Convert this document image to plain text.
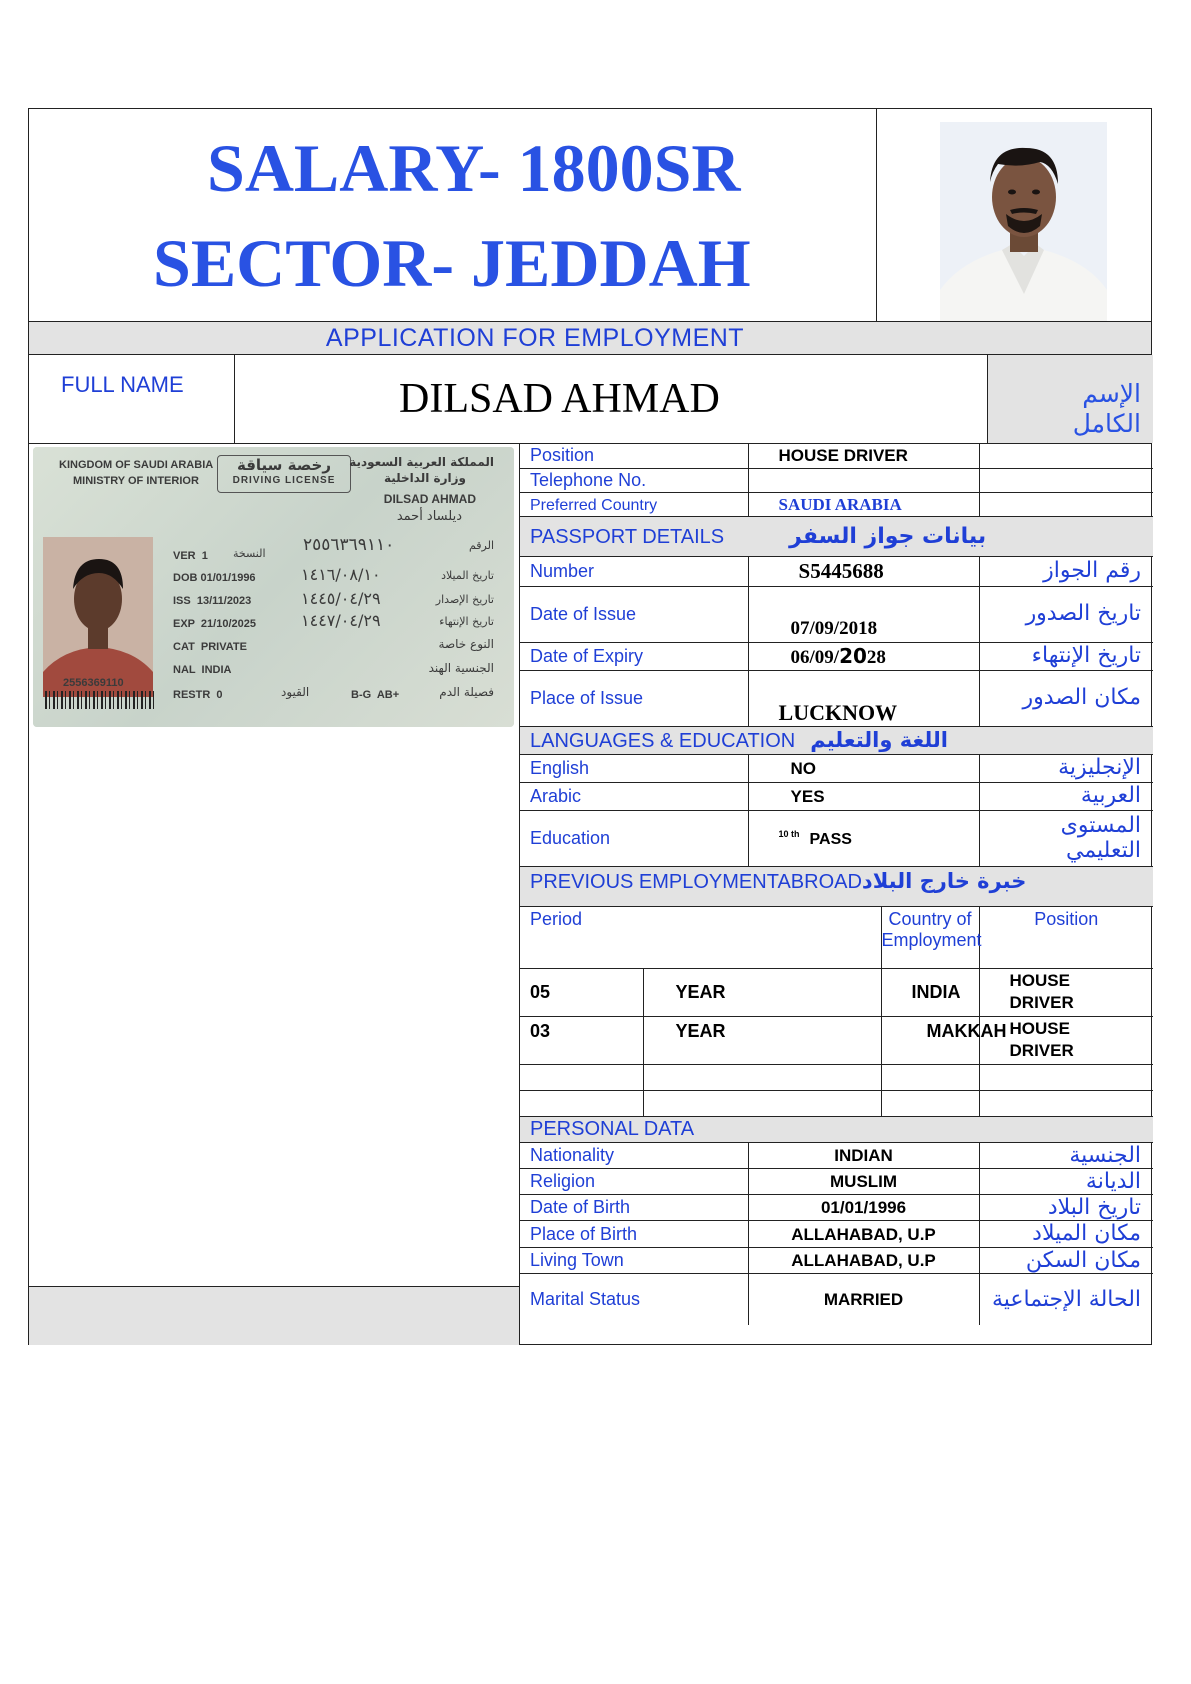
SALARY- 1800SR
SECTOR- JEDDAH
APPLICATION FOR EMPLOYMENT
FULL NAME	DILSAD AHMAD	الإسم الكامل
KINGDOM OF SAUDI ARABIA
MINISTRY OF INTERIOR
رخصة سياقة
DRIVING LICENSE
المملكة العربية السعودية
وزارة الداخلية
DILSAD AHMAD
ديلساد أحمد
٢٥٥٦٣٦٩١١٠	الرقم
VER  1 النسخة
DOB 01/01/1996	١٤١٦/٠٨/١٠	تاريخ الميلاد
ISS  13/11/2023	١٤٤٥/٠٤/٢٩	تاريخ الإصدار
EXP  21/10/2025	١٤٤٧/٠٤/٢٩	تاريخ الإنتهاء
CAT  PRIVATE	النوع خاصة
NAL  INDIA	الجنسية الهند
2556369110
RESTR  0	القيود	B-G  AB+	فصيلة الدم
Position		HOUSE DRIVER		
Telephone No.				
Preferred Country		SAUDI ARABIA		
PASSPORT DETAILS بيانات جواز السفر				
Number		S5445688		رقم الجواز
Date of Issue		07/09/2018		تاريخ الصدور
Date of Expiry		06/09/2028		تاريخ الإنتهاء
Place of Issue		LUCKNOW		مكان الصدور
LANGUAGES & EDUCATION اللغة والتعليم				
English		NO		الإنجليزية
Arabic		YES		العربية
Education		$^{10 th}$ PASS		المستوى التعليمي
PREVIOUS EMPLOYMENTABROADخبرة خارج البلاد				
Period			Country of Employment	Position
05	YEAR		INDIA	HOUSE DRIVER

03	YEAR		MAKKAH	HOUSE DRIVER

PERSONAL DATA				
Nationality		INDIAN		الجنسية
Religion		MUSLIM		الديانة
Date of Birth		01/01/1996		تاريخ البلاد
Place of Birth		ALLAHABAD, U.P		مكان الميلاد
Living Town		ALLAHABAD, U.P		مكان السكن
Marital Status		MARRIED		الحالة الإجتماعية
